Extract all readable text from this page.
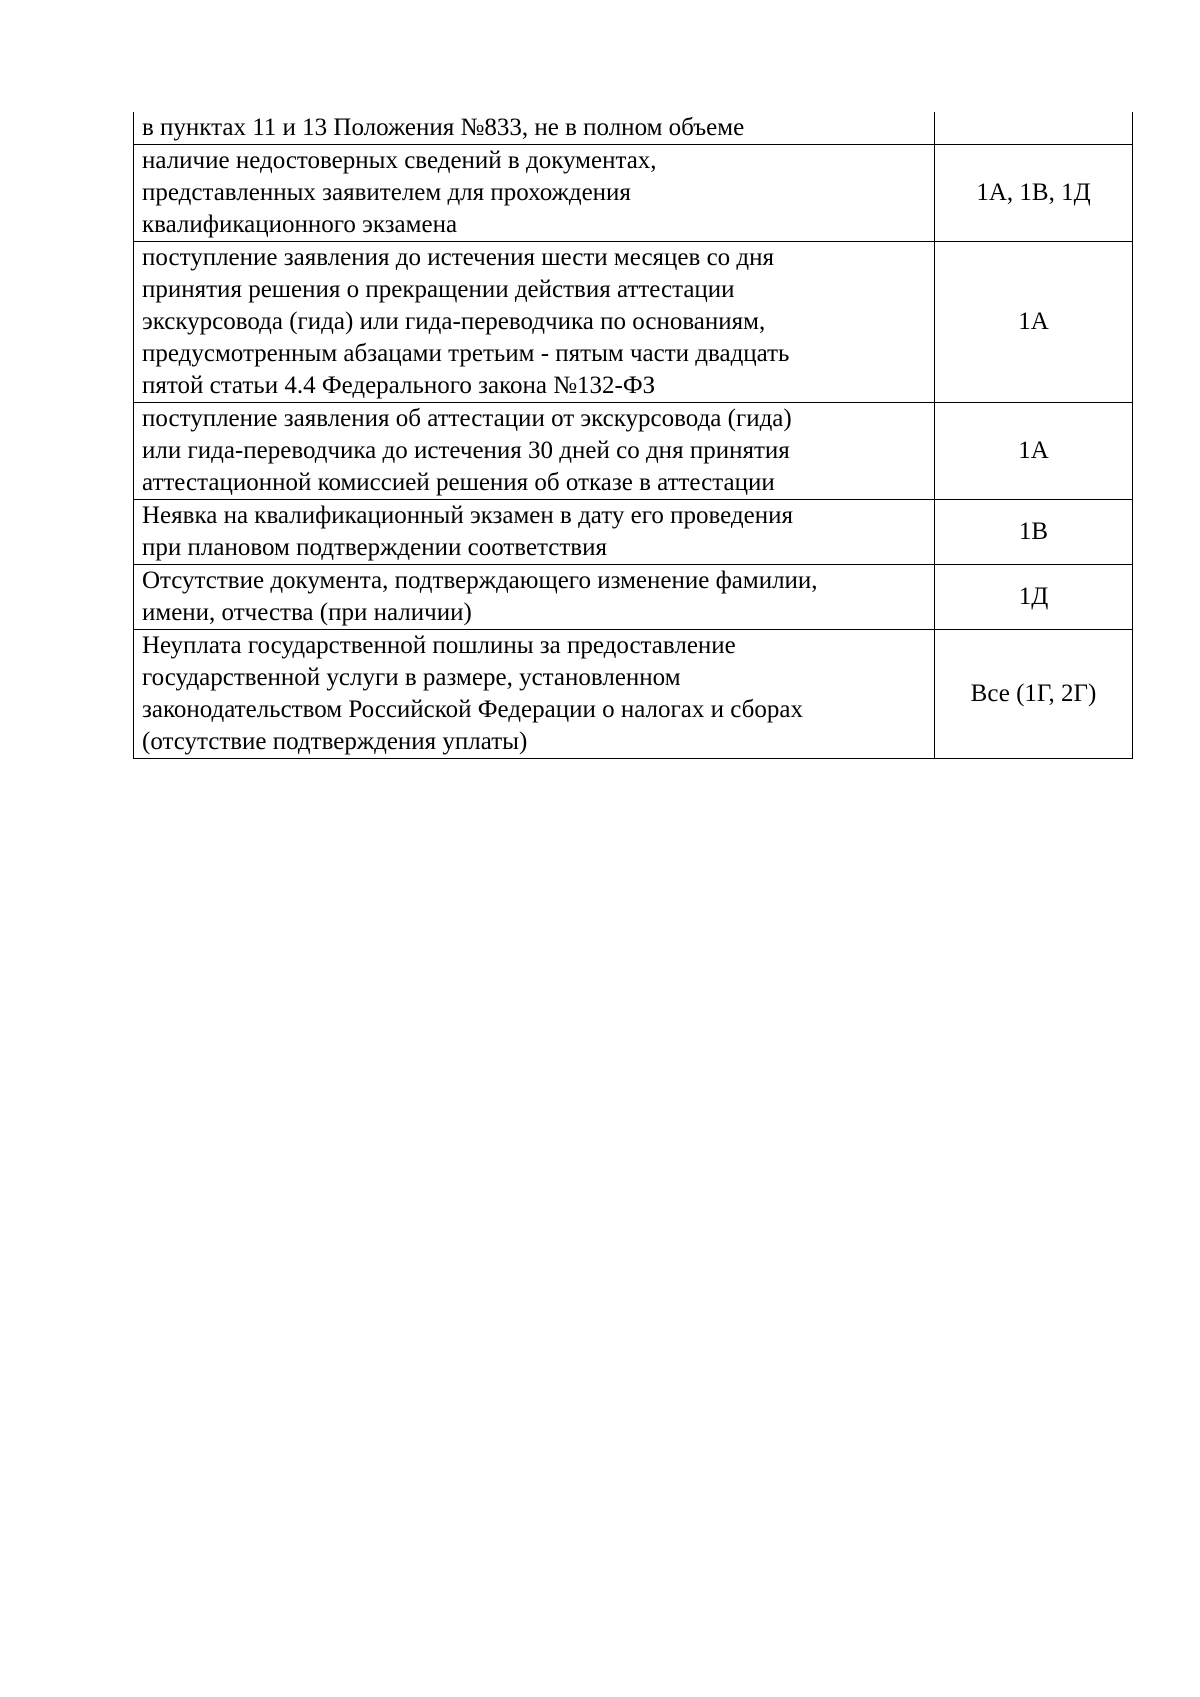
в пунктах 11 и 13 Положения №833, не в полном объеме	

наличие недостоверных сведений в документах,
представленных заявителем для прохождения
квалификационного экзамена	1А, 1В, 1Д

поступление заявления до истечения шести месяцев со дня
принятия решения о прекращении действия аттестации
экскурсовода (гида) или гида-переводчика по основаниям,
предусмотренным абзацами третьим - пятым части двадцать
пятой статьи 4.4 Федерального закона №132-ФЗ	1А

поступление заявления об аттестации от экскурсовода (гида)
или гида-переводчика до истечения 30 дней со дня принятия
аттестационной комиссией решения об отказе в аттестации	1А

Неявка на квалификационный экзамен в дату его проведения
при плановом подтверждении соответствия	1В

Отсутствие документа, подтверждающего изменение фамилии,
имени, отчества (при наличии)	1Д

Неуплата государственной пошлины за предоставление
государственной услуги в размере, установленном
законодательством Российской Федерации о налогах и сборах
(отсутствие подтверждения уплаты)	Все (1Г, 2Г)
